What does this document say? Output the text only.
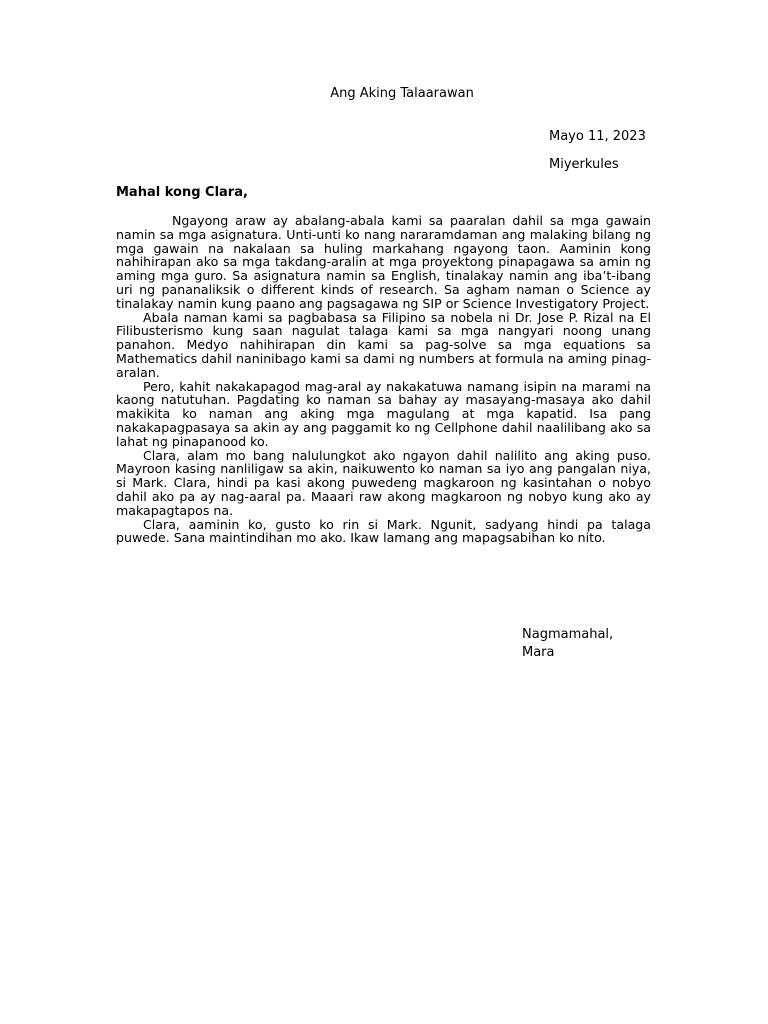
Ang Aking Talaarawan
Mayo 11, 2023
Miyerkules
Mahal kong Clara,

Ngayong araw ay abalang-abala kami sa paaralan dahil sa mga gawain namin sa mga asignatura. Unti-unti ko nang nararamdaman ang malaking bilang ng mga gawain na nakalaan sa huling markahang ngayong taon. Aaminin kong nahihirapan ako sa mga takdang-aralin at mga proyektong pinapagawa sa amin ng aming mga guro. Sa asignatura namin sa English, tinalakay namin ang iba’t-ibang uri ng pananaliksik o different kinds of research. Sa agham naman o Science ay tinalakay namin kung paano ang pagsagawa ng SIP or Science Investigatory Project.

Abala naman kami sa pagbabasa sa Filipino sa nobela ni Dr. Jose P. Rizal na El Filibusterismo kung saan nagulat talaga kami sa mga nangyari noong unang panahon. Medyo nahihirapan din kami sa pag-solve sa mga equations sa Mathematics dahil naninibago kami sa dami ng numbers at formula na aming pinag-aralan.

Pero, kahit nakakapagod mag-aral ay nakakatuwa namang isipin na marami na kaong natutuhan. Pagdating ko naman sa bahay ay masayang-masaya ako dahil makikita ko naman ang aking mga magulang at mga kapatid. Isa pang nakakapagpasaya sa akin ay ang paggamit ko ng Cellphone dahil naalilibang ako sa lahat ng pinapanood ko.

Clara, alam mo bang nalulungkot ako ngayon dahil nalilito ang aking puso. Mayroon kasing nanliligaw sa akin, naikuwento ko naman sa iyo ang pangalan niya, si Mark. Clara, hindi pa kasi akong puwedeng magkaroon ng kasintahan o nobyo dahil ako pa ay nag-aaral pa. Maaari raw akong magkaroon ng nobyo kung ako ay makapagtapos na.

Clara, aaminin ko, gusto ko rin si Mark. Ngunit, sadyang hindi pa talaga puwede. Sana maintindihan mo ako. Ikaw lamang ang mapagsabihan ko nito.

Nagmamahal,
Mara
